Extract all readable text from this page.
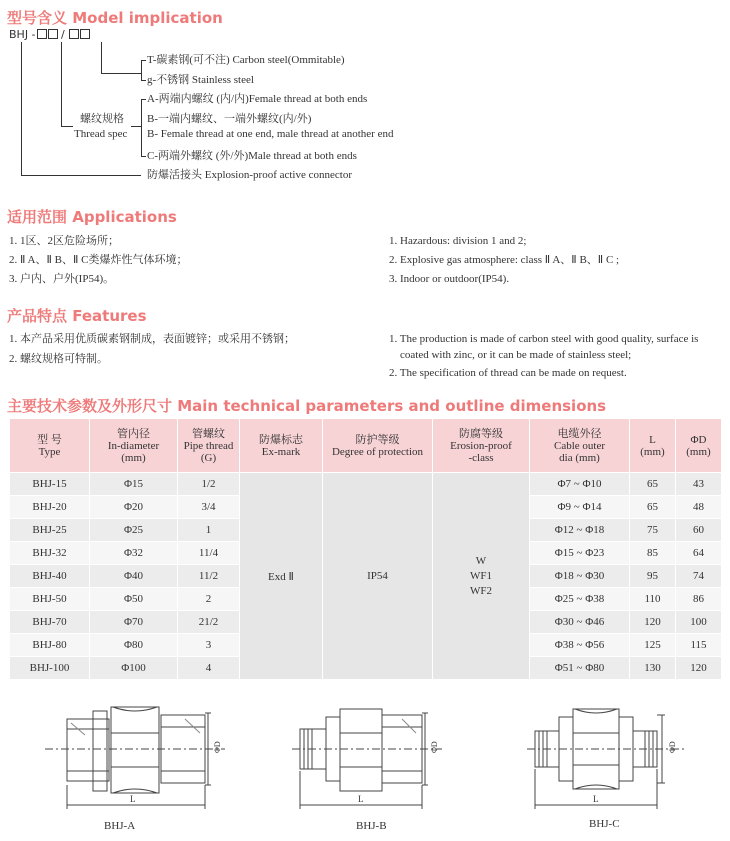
型号含义 Model implication
BHJ - /
T-碳素钢(可不注) Carbon steel(Ommitable)
g-不锈钢 Stainless steel
A-两端内螺纹 (内/内)Female thread at both ends
螺纹规格
Thread spec
B-一端内螺纹、一端外螺纹(内/外)
B- Female thread at one end, male thread at another end
C-两端外螺纹 (外/外)Male thread at both ends
防爆活接头 Explosion-proof active connector
适用范围 Applications
1. 1区、2区危险场所；
2. Ⅱ A、Ⅱ B、Ⅱ C类爆炸性气体环境；
3. 户内、户外(IP54)。
1. Hazardous: division 1 and 2;
2. Explosive gas atmosphere: class Ⅱ A、Ⅱ B、Ⅱ C ;
3. Indoor or outdoor(IP54).
产品特点 Features
1. 本产品采用优质碳素钢制成，表面镀锌；或采用不锈钢；
2. 螺纹规格可特制。
1. The production is made of carbon steel with good quality, surface is
coated with zinc, or it can be made of stainless steel;
2. The specification of thread can be made on request.
主要技术参数及外形尺寸 Main technical parameters and outline dimensions
型 号
Type	管内径
In-diameter
(mm)	管螺纹
Pipe thread
(G)	防爆标志
Ex-mark	防护等级
Degree of protection	防腐等级
Erosion-proof
-class	电缆外径
Cable outer
dia (mm)	L
(mm)	ΦD
(mm)
BHJ-15	Φ15	1/2	Exd Ⅱ	IP54	W
WF1
WF2	Φ7 ~ Φ10	65	43
BHJ-20	Φ20	3/4				Φ9 ~ Φ14	65	48
BHJ-25	Φ25	1				Φ12 ~ Φ18	75	60
BHJ-32	Φ32	11/4				Φ15 ~ Φ23	85	64
BHJ-40	Φ40	11/2				Φ18 ~ Φ30	95	74
BHJ-50	Φ50	2				Φ25 ~ Φ38	110	86
BHJ-70	Φ70	21/2				Φ30 ~ Φ46	120	100
BHJ-80	Φ80	3				Φ38 ~ Φ56	125	115
BHJ-100	Φ100	4				Φ51 ~ Φ80	130	120
L
ΦD
BHJ-A
L
ΦD
BHJ-B
L
ΦD
BHJ-C
